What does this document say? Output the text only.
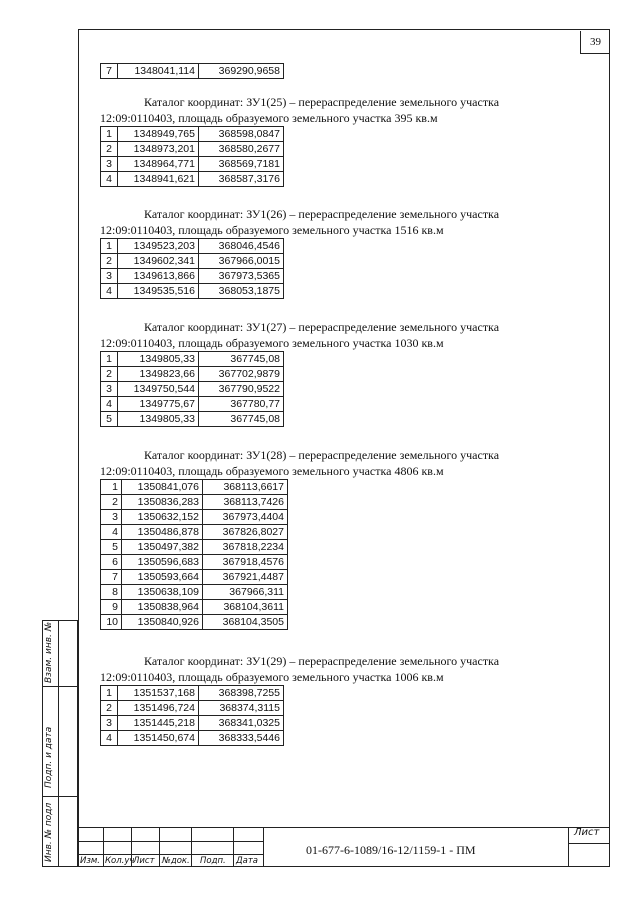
39
7	1348041,114	369290,9658
Каталог координат: ЗУ1(25) – перераспределение земельного участка
12:09:0110403, площадь образуемого земельного участка 395 кв.м
1	1348949,765	368598,0847
2	1348973,201	368580,2677
3	1348964,771	368569,7181
4	1348941,621	368587,3176
Каталог координат: ЗУ1(26) – перераспределение земельного участка
12:09:0110403, площадь образуемого земельного участка 1516 кв.м
1	1349523,203	368046,4546
2	1349602,341	367966,0015
3	1349613,866	367973,5365
4	1349535,516	368053,1875
Каталог координат: ЗУ1(27) – перераспределение земельного участка
12:09:0110403, площадь образуемого земельного участка 1030 кв.м
1	1349805,33	367745,08
2	1349823,66	367702,9879
3	1349750,544	367790,9522
4	1349775,67	367780,77
5	1349805,33	367745,08
Каталог координат: ЗУ1(28) – перераспределение земельного участка
12:09:0110403, площадь образуемого земельного участка 4806 кв.м
1	1350841,076	368113,6617
2	1350836,283	368113,7426
3	1350632,152	367973,4404
4	1350486,878	367826,8027
5	1350497,382	367818,2234
6	1350596,683	367918,4576
7	1350593,664	367921,4487
8	1350638,109	367966,311
9	1350838,964	368104,3611
10	1350840,926	368104,3505
Каталог координат: ЗУ1(29) – перераспределение земельного участка
12:09:0110403, площадь образуемого земельного участка 1006 кв.м
1	1351537,168	368398,7255
2	1351496,724	368374,3115
3	1351445,218	368341,0325
4	1351450,674	368333,5446
Взам. инв. №
Подп. и дата
Инв. № подл	Изм. Кол.уч
Лист №док. Подп. Дата
01-677-6-1089/16-12/1159-1 - ПМ
Лист
